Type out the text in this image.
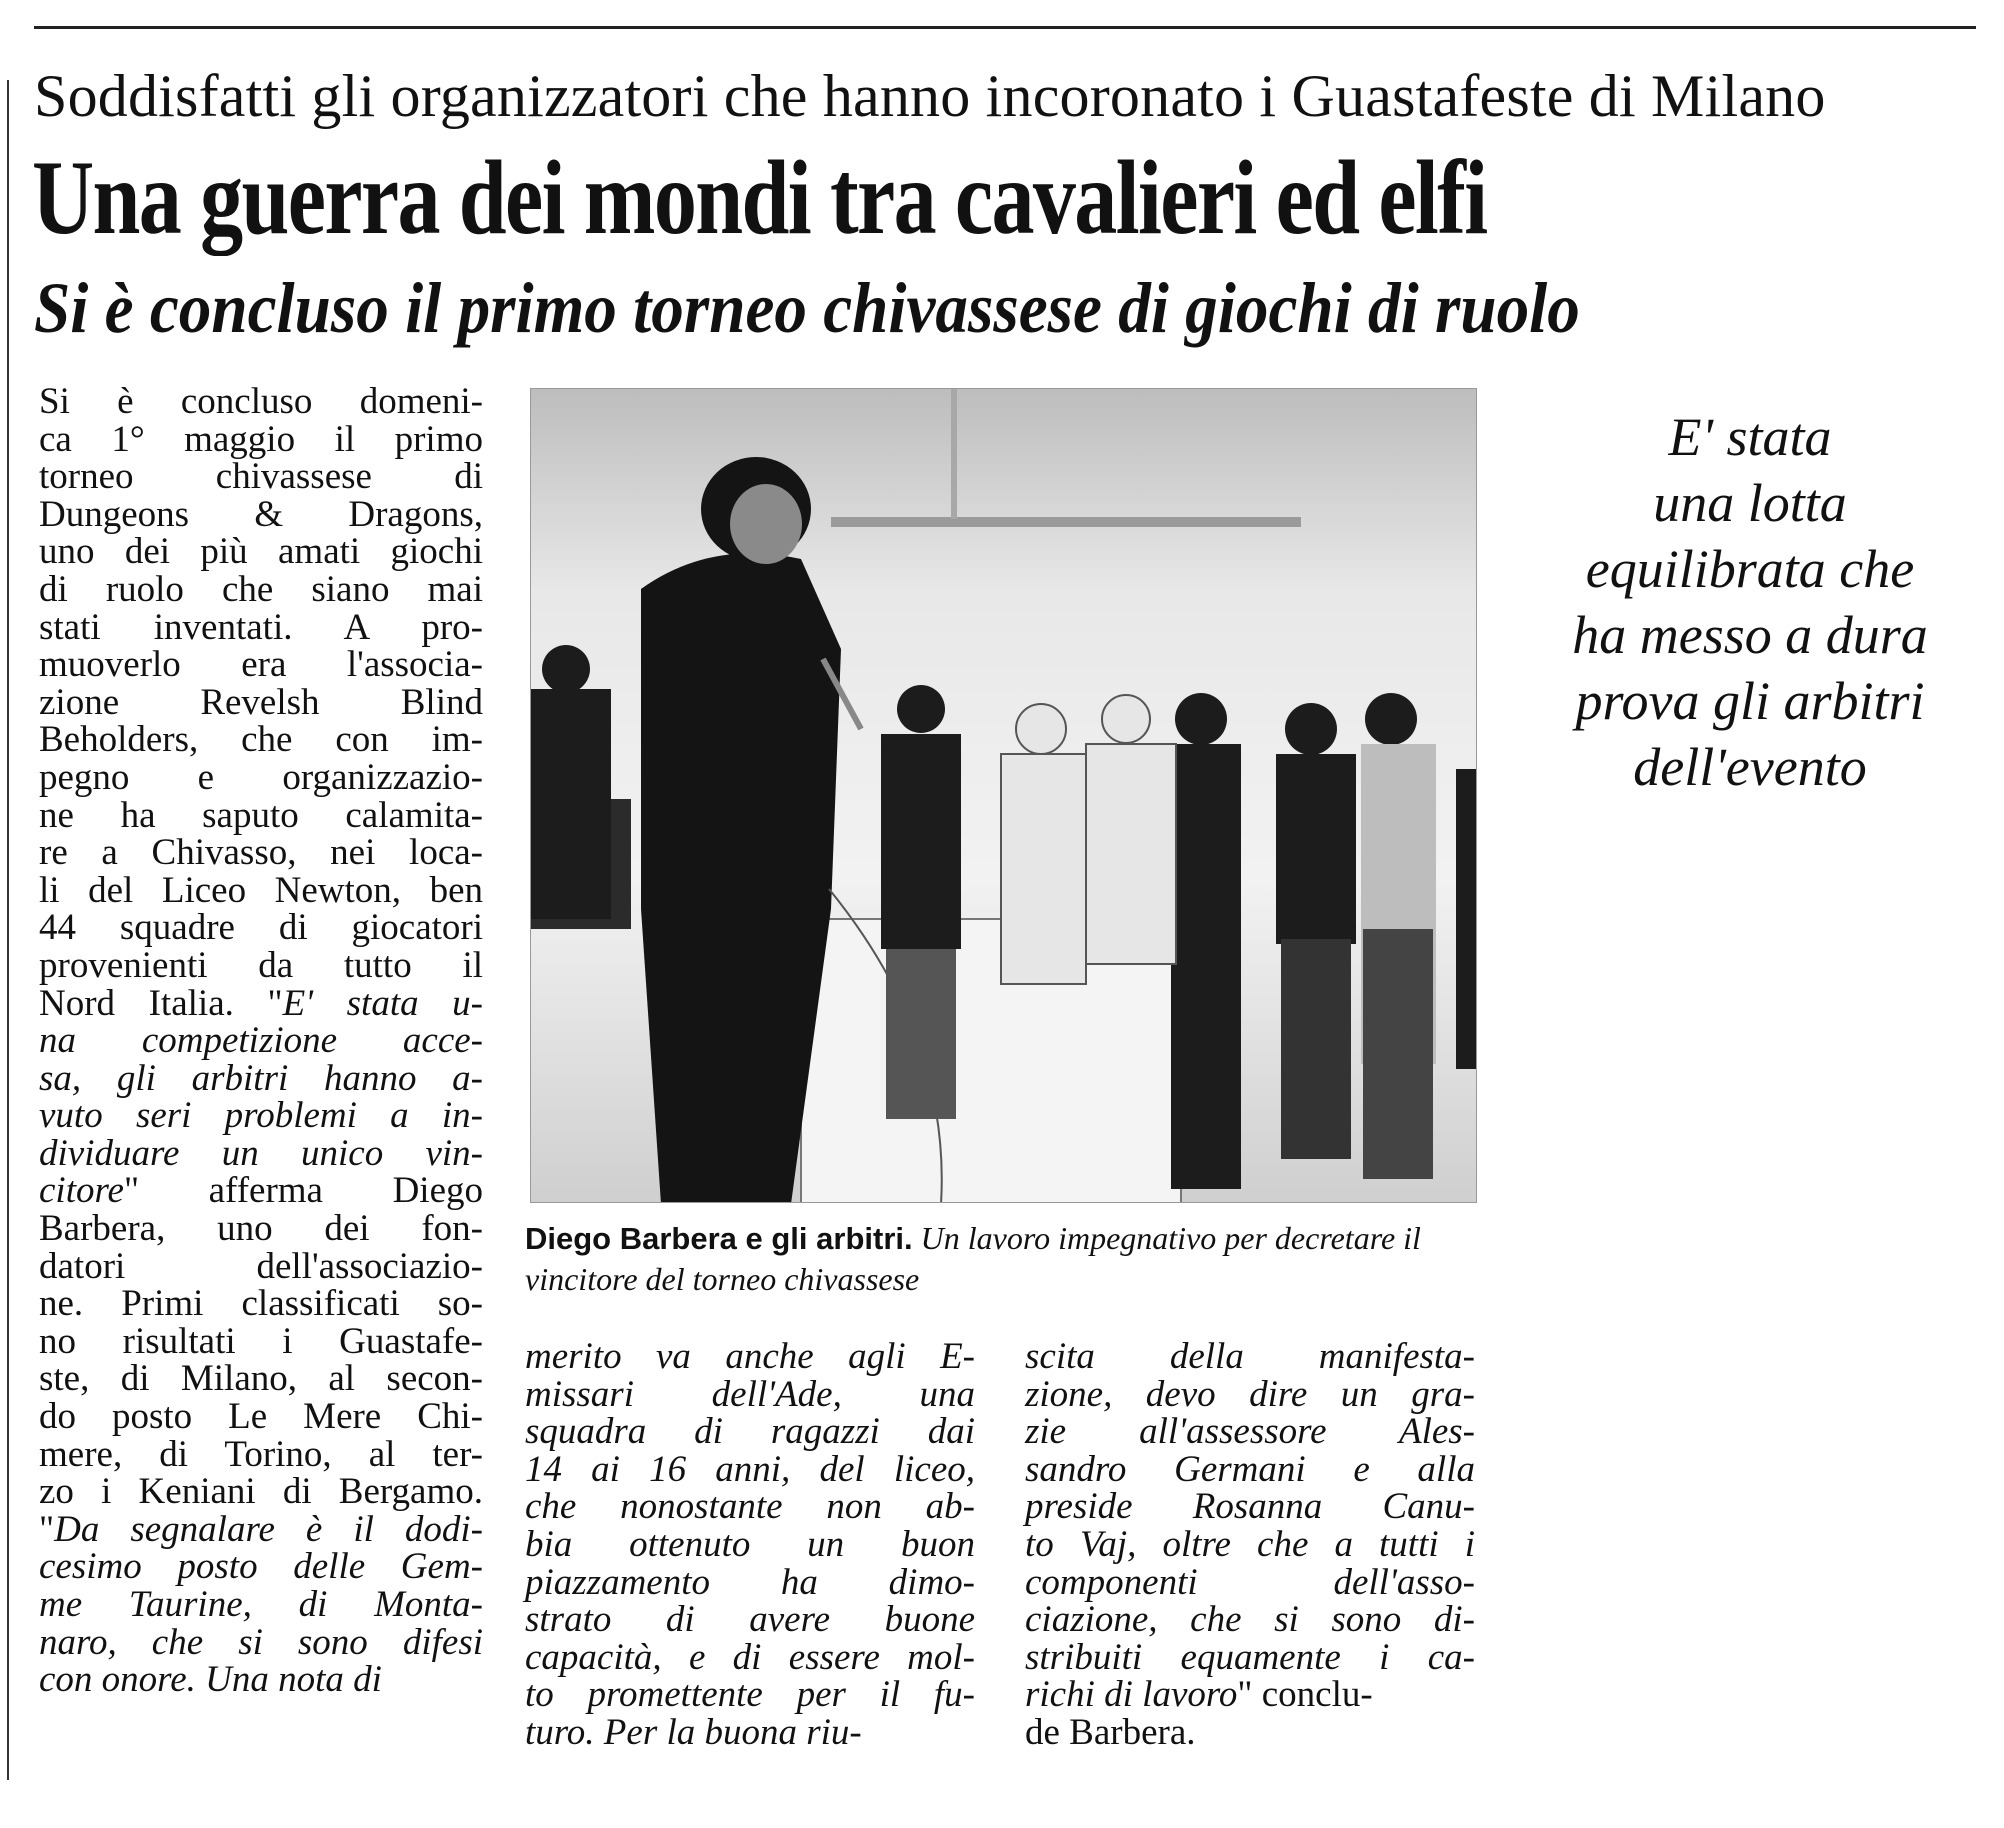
Soddisfatti gli organizzatori che hanno incoronato i Guastafeste di Milano
Una guerra dei mondi tra cavalieri ed elfi
Si è concluso il primo torneo chivassese di giochi di ruolo
Si è concluso domeni-
ca 1° maggio il primo
torneo chivassese di
Dungeons & Dragons,
uno dei più amati giochi
di ruolo che siano mai
stati inventati. A pro-
muoverlo era l'associa-
zione Revelsh Blind
Beholders, che con im-
pegno e organizzazio-
ne ha saputo calamita-
re a Chivasso, nei loca-
li del Liceo Newton, ben
44 squadre di giocatori
provenienti da tutto il
Nord Italia. "E' stata u-
na competizione acce-
sa, gli arbitri hanno a-
vuto seri problemi a in-
dividuare un unico vin-
citore" afferma Diego
Barbera, uno dei fon-
datori dell'associazio-
ne. Primi classificati so-
no risultati i Guastafe-
ste, di Milano, al secon-
do posto Le Mere Chi-
mere, di Torino, al ter-
zo i Keniani di Bergamo.
"Da segnalare è il dodi-
cesimo posto delle Gem-
me Taurine, di Monta-
naro, che si sono difesi
con onore. Una nota di
Diego Barbera e gli arbitri. Un lavoro impegnativo per decretare il vincitore del torneo chivassese
E' stata
una lotta
equilibrata che
ha messo a dura
prova gli arbitri
dell'evento
merito va anche agli E-
missari dell'Ade, una
squadra di ragazzi dai
14 ai 16 anni, del liceo,
che nonostante non ab-
bia ottenuto un buon
piazzamento ha dimo-
strato di avere buone
capacità, e di essere mol-
to promettente per il fu-
turo. Per la buona riu-
scita della manifesta-
zione, devo dire un gra-
zie all'assessore Ales-
sandro Germani e alla
preside Rosanna Canu-
to Vaj, oltre che a tutti i
componenti dell'asso-
ciazione, che si sono di-
stribuiti equamente i ca-
richi di lavoro" conclu-
de Barbera.
